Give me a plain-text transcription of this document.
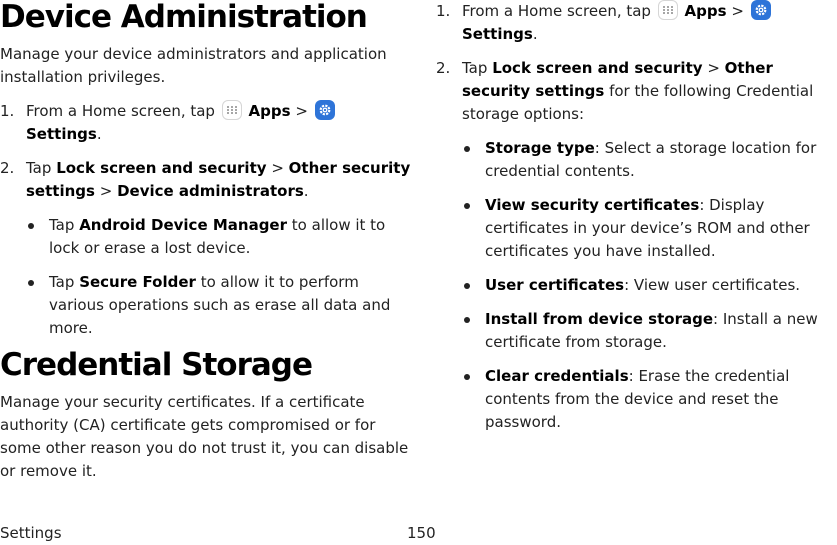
Device Administration

Manage your device administrators and application installation privileges.

1. From a Home screen, tap Apps >
Settings.
2. Tap Lock screen and security > Other security settings > Device administrators.
Tap Android Device Manager to allow it to lock or erase a lost device.
Tap Secure Folder to allow it to perform various operations such as erase all data and more.
Credential Storage

Manage your security certificates. If a certificate authority (CA) certificate gets compromised or for some other reason you do not trust it, you can disable or remove it.

1. From a Home screen, tap Apps >
Settings.
2. Tap Lock screen and security > Other security settings for the following Credential storage options:
Storage type: Select a storage location for credential contents.
View security certificates: Display certificates in your device’s ROM and other certificates you have installed.
User certificates: View user certificates.
Install from device storage: Install a new certificate from storage.
Clear credentials: Erase the credential contents from the device and reset the password.
Settings	150
